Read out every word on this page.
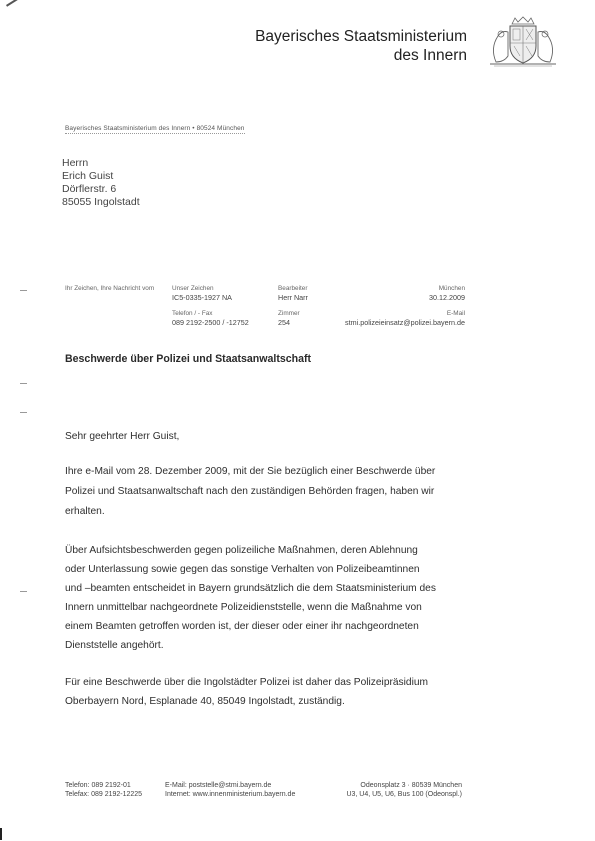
Bayerisches Staatsministerium
des Innern
Bayerisches Staatsministerium des Innern • 80524 München
Herrn
Erich Guist
Dörflerstr. 6
85055 Ingolstadt
Ihr Zeichen, Ihre Nachricht vom	Unser Zeichen
IC5-0335-1927 NA
Bearbeiter
Herr Narr
München
30.12.2009
Telefon / - Fax
089 2192-2500 / -12752
Zimmer
254
E-Mail
stmi.polizeieinsatz@polizei.bayern.de
Beschwerde über Polizei und Staatsanwaltschaft
Sehr geehrter Herr Guist,
Ihre e-Mail vom 28. Dezember 2009, mit der Sie bezüglich einer Beschwerde über
Polizei und Staatsanwaltschaft nach den zuständigen Behörden fragen, haben wir
erhalten.
Über Aufsichtsbeschwerden gegen polizeiliche Maßnahmen, deren Ablehnung
oder Unterlassung sowie gegen das sonstige Verhalten von Polizeibeamtinnen
und –beamten entscheidet in Bayern grundsätzlich die dem Staatsministerium des
Innern unmittelbar nachgeordnete Polizeidienststelle, wenn die Maßnahme von
einem Beamten getroffen worden ist, der dieser oder einer ihr nachgeordneten
Dienststelle angehört.
Für eine Beschwerde über die Ingolstädter Polizei ist daher das Polizeipräsidium
Oberbayern Nord, Esplanade 40, 85049 Ingolstadt, zuständig.
Telefon: 089 2192-01
Telefax: 089 2192-12225
E-Mail: poststelle@stmi.bayern.de
Internet: www.innenministerium.bayern.de
Odeonsplatz 3 · 80539 München
U3, U4, U5, U6, Bus 100 (Odeonspl.)
